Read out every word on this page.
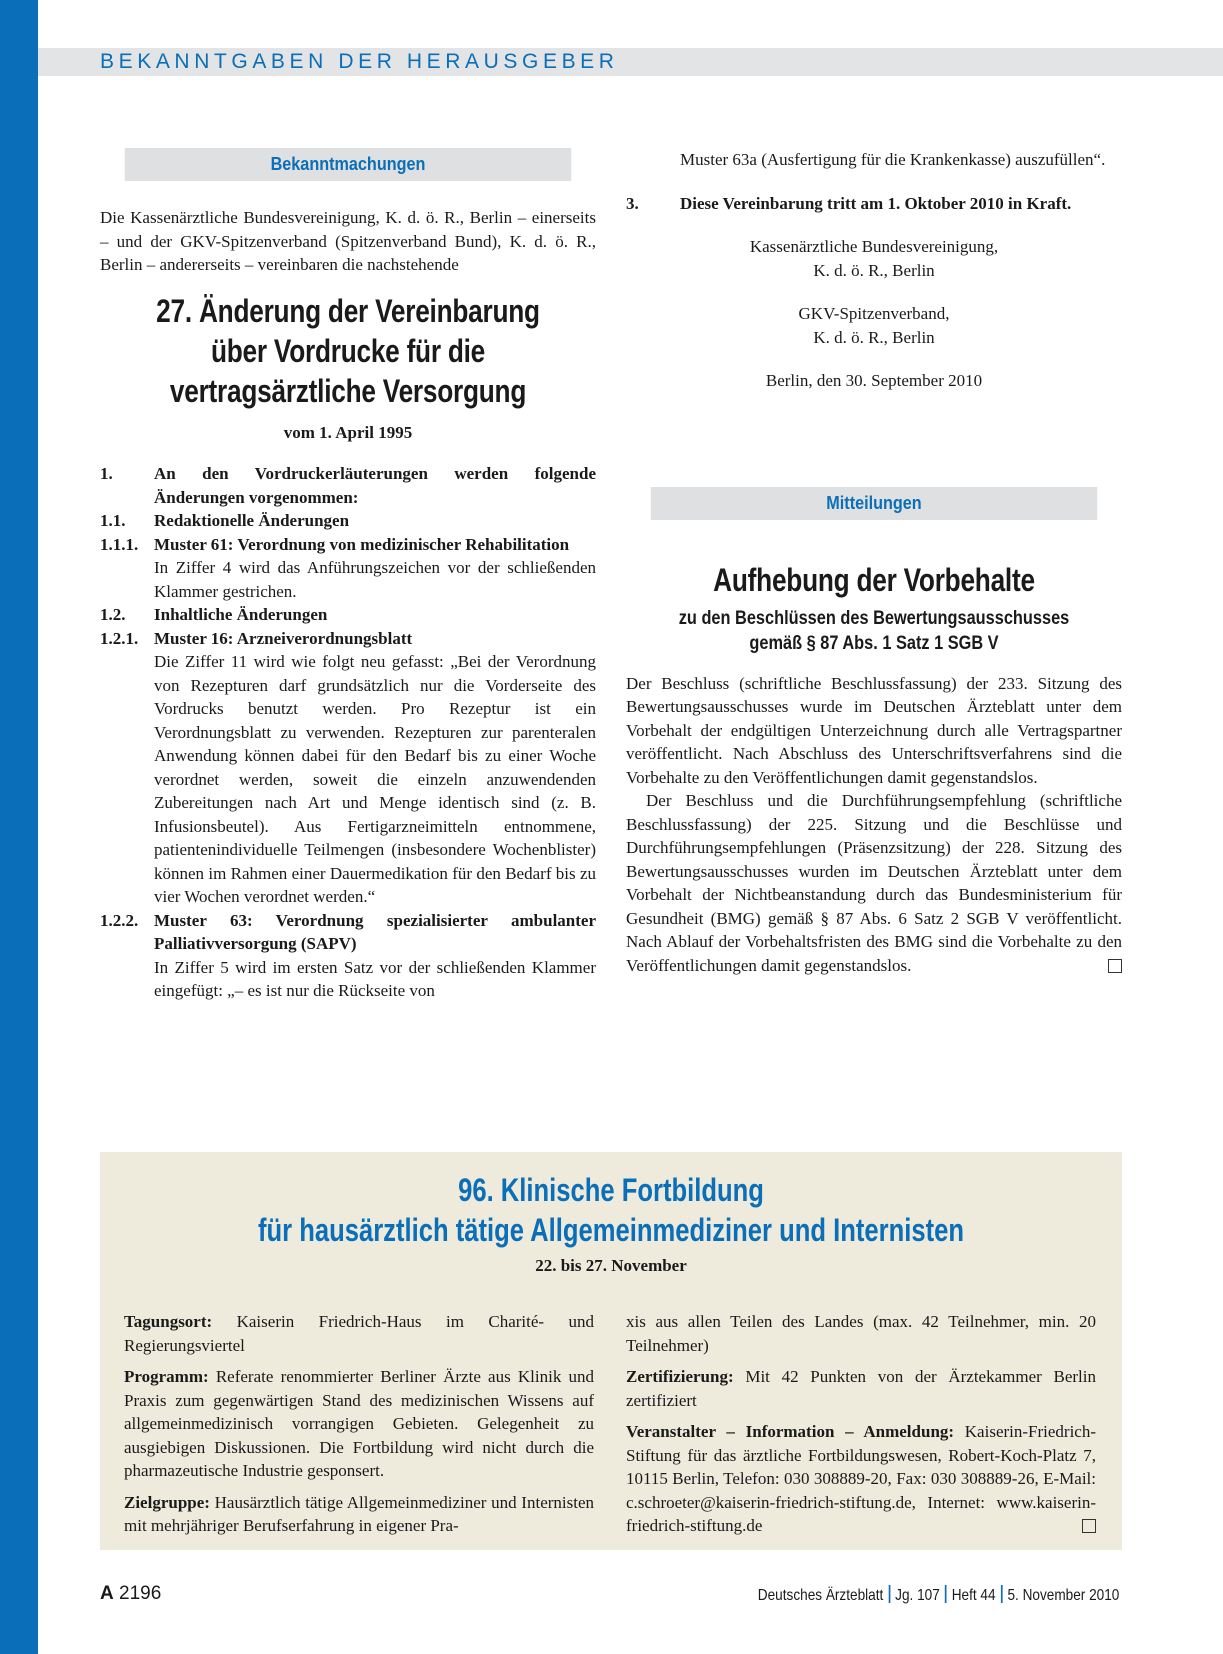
BEKANNTGABEN DER HERAUSGEBER
Bekanntmachungen

Die Kassenärztliche Bundesvereinigung, K. d. ö. R., Berlin – einerseits – und der GKV-Spitzenverband (Spitzenverband Bund), K. d. ö. R., Berlin – andererseits – vereinbaren die nachstehende

27. Änderung der Vereinbarung

über Vordrucke für die

vertragsärztliche Versorgung

vom 1. April 1995

1.	An den Vordruckerläuterungen werden folgende Änderungen vorgenommen:
1.1.	Redaktionelle Änderungen
1.1.1. Muster 61: Verordnung von medizinischer Rehabilitation
In Ziffer 4 wird das Anführungszeichen vor der schließenden Klammer gestrichen.
1.2.	Inhaltliche Änderungen
1.2.1. Muster 16: Arzneiverordnungsblatt
Die Ziffer 11 wird wie folgt neu gefasst: „Bei der Verordnung von Rezepturen darf grundsätzlich nur die Vorderseite des Vordrucks benutzt werden. Pro Rezeptur ist ein Verordnungsblatt zu verwenden. Rezepturen zur parenteralen Anwendung können dabei für den Bedarf bis zu einer Woche verordnet werden, soweit die einzeln anzuwendenden Zubereitungen nach Art und Menge identisch sind (z. B. Infusionsbeutel). Aus Fertigarzneimitteln entnommene, patientenindividuelle Teilmengen (insbesondere Wochenblister) können im Rahmen einer Dauermedikation für den Bedarf bis zu vier Wochen verordnet werden.“
1.2.2. Muster 63: Verordnung spezialisierter ambulanter Palliativversorgung (SAPV)
In Ziffer 5 wird im ersten Satz vor der schließenden Klammer eingefügt: „– es ist nur die Rückseite von

Muster 63a (Ausfertigung für die Krankenkasse) auszufüllen“.

3.	Diese Vereinbarung tritt am 1. Oktober 2010 in Kraft.
Kassenärztliche Bundesvereinigung,
K. d. ö. R., Berlin
GKV-Spitzenverband,
K. d. ö. R., Berlin
Berlin, den 30. September 2010
Mitteilungen

Aufhebung der Vorbehalte

zu den Beschlüssen des Bewertungsausschusses

gemäß § 87 Abs. 1 Satz 1 SGB V

Der Beschluss (schriftliche Beschlussfassung) der 233. Sitzung des Bewertungsausschusses wurde im Deutschen Ärzteblatt unter dem Vorbehalt der endgültigen Unterzeichnung durch alle Vertragspartner veröffentlicht. Nach Abschluss des Unterschriftsverfahrens sind die Vorbehalte zu den Veröffentlichungen damit gegenstandslos.

Der Beschluss und die Durchführungsempfehlung (schriftliche Beschlussfassung) der 225. Sitzung und die Beschlüsse und Durchführungsempfehlungen (Präsenzsitzung) der 228. Sitzung des Bewertungsausschusses wurden im Deutschen Ärzteblatt unter dem Vorbehalt der Nichtbeanstandung durch das Bundesministerium für Gesundheit (BMG) gemäß § 87 Abs. 6 Satz 2 SGB V veröffentlicht. Nach Ablauf der Vorbehaltsfristen des BMG sind die Vorbehalte zu den Veröffentlichungen damit gegenstandslos.

96. Klinische Fortbildung

für hausärztlich tätige Allgemeinmediziner und Internisten

22. bis 27. November

Tagungsort: Kaiserin Friedrich-Haus im Charité- und Regierungsviertel

Programm: Referate renommierter Berliner Ärzte aus Klinik und Praxis zum gegenwärtigen Stand des medizinischen Wissens auf allgemeinmedizinisch vorrangigen Gebieten. Gelegenheit zu ausgiebigen Diskussionen. Die Fortbildung wird nicht durch die pharmazeutische Industrie gesponsert.

Zielgruppe: Hausärztlich tätige Allgemeinmediziner und Internisten mit mehrjähriger Berufserfahrung in eigener Pra-

xis aus allen Teilen des Landes (max. 42 Teilnehmer, min. 20 Teilnehmer)

Zertifizierung: Mit 42 Punkten von der Ärztekammer Berlin zertifiziert

Veranstalter – Information – Anmeldung: Kaiserin-Friedrich-Stiftung für das ärztliche Fortbildungswesen, Robert-Koch-Platz 7, 10115 Berlin, Telefon: 030 308889-20, Fax: 030 308889-26, E-Mail: c.schroeter@kaiserin-friedrich-stiftung.de, Internet: www.kaiserin-friedrich-stiftung.de

A 2196	Deutsches Ärzteblatt Jg. 107 Heft 44 5. November 2010
